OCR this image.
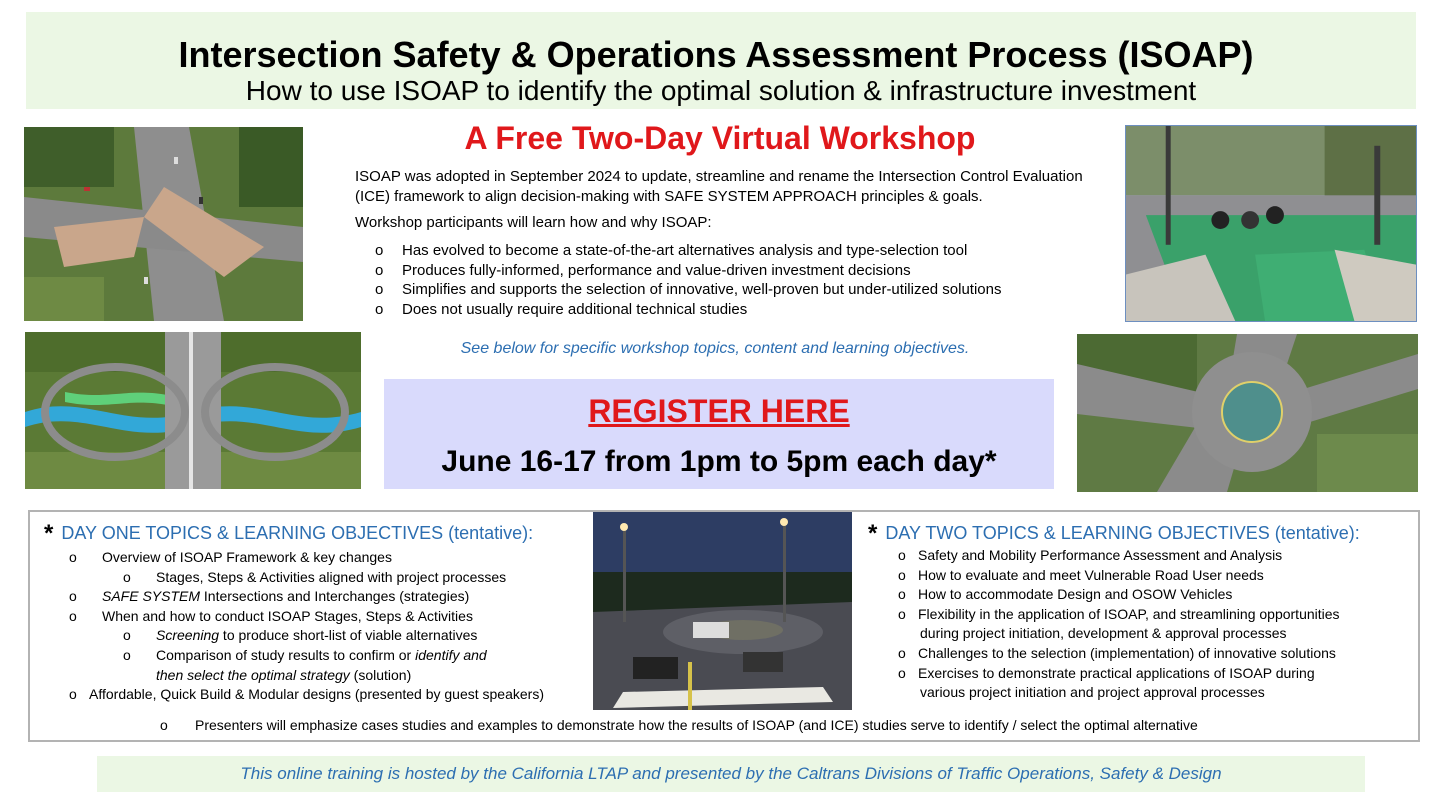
Intersection Safety & Operations Assessment Process (ISOAP)
How to use ISOAP to identify the optimal solution & infrastructure investment
A Free Two-Day Virtual Workshop

ISOAP was adopted in September 2024 to update, streamline and rename the Intersection Control Evaluation (ICE) framework to align decision-making with SAFE SYSTEM APPROACH principles & goals.

Workshop participants will learn how and why ISOAP:

o Has evolved to become a state-of-the-art alternatives analysis and type-selection tool
o Produces fully-informed, performance and value-driven investment decisions
o Simplifies and supports the selection of innovative, well-proven but under-utilized solutions
o Does not usually require additional technical studies
See below for specific workshop topics, content and learning objectives.
REGISTER HERE
June 16-17 from 1pm to 5pm each day*
* DAY ONE TOPICS & LEARNING OBJECTIVES (tentative):
o Overview of ISOAP Framework & key changes
o Stages, Steps & Activities aligned with project processes
o SAFE SYSTEM Intersections and Interchanges (strategies)
o When and how to conduct ISOAP Stages, Steps & Activities
o Screening to produce short-list of viable alternatives
o Comparison of study results to confirm or identify and
then select the optimal strategy (solution)
o Affordable, Quick Build & Modular designs (presented by guest speakers)
* DAY TWO TOPICS & LEARNING OBJECTIVES (tentative):
o Safety and Mobility Performance Assessment and Analysis
o How to evaluate and meet Vulnerable Road User needs
o How to accommodate Design and OSOW Vehicles
o Flexibility in the application of ISOAP, and streamlining opportunities
during project initiation, development & approval processes
o Challenges to the selection (implementation) of innovative solutions
o Exercises to demonstrate practical applications of ISOAP during
various project initiation and project approval processes
o Presenters will emphasize cases studies and examples to demonstrate how the results of ISOAP (and ICE) studies serve to identify / select the optimal alternative
This online training is hosted by the California LTAP and presented by the Caltrans Divisions of Traffic Operations, Safety & Design
